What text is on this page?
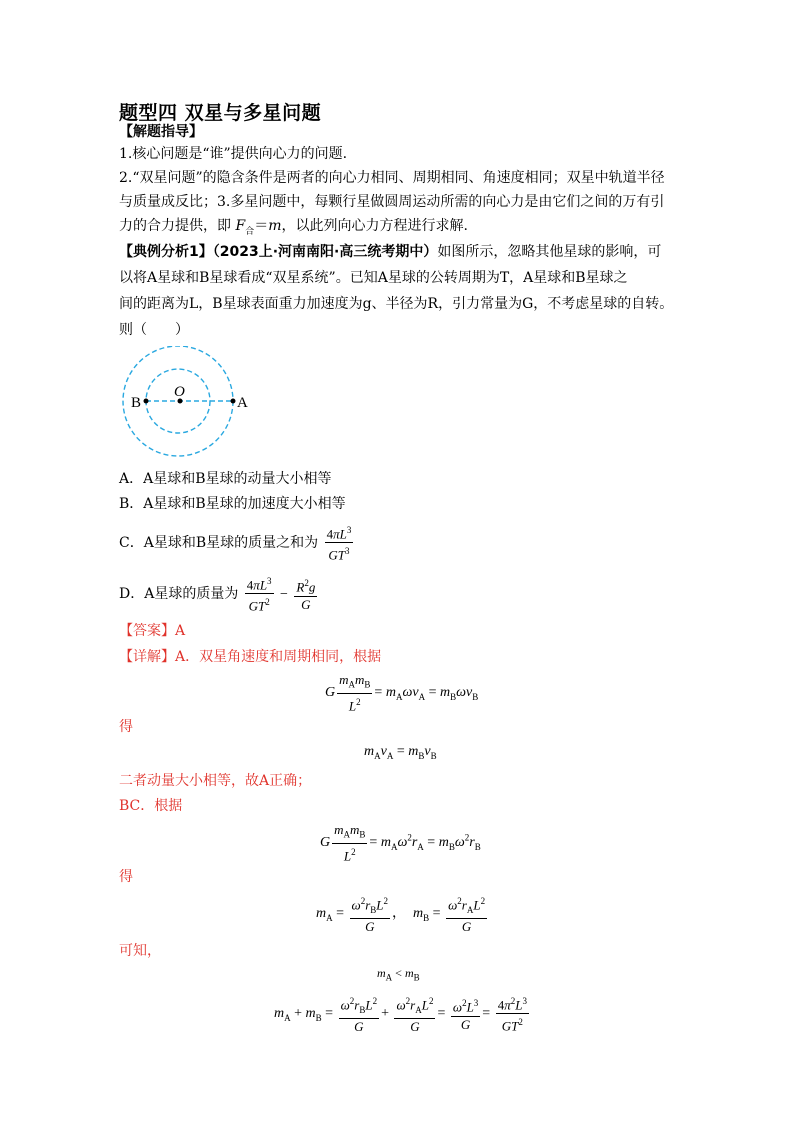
题型四 双星与多星问题
【解题指导】
1.核心问题是“谁”提供向心力的问题.
2.“双星问题”的隐含条件是两者的向心力相同、周期相同、角速度相同；双星中轨道半径
与质量成反比；3.多星问题中，每颗行星做圆周运动所需的向心力是由它们之间的万有引
力的合力提供，即 $F_合=m$，以此列向心力方程进行求解.
【典例分析1】（2023上·河南南阳·高三统考期中）如图所示，忽略其他星球的影响，可
以将A星球和B星球看成“双星系统”。已知A星球的公转周期为T，A星球和B星球之
间的距离为L，B星球表面重力加速度为g、半径为R，引力常量为G，不考虑星球的自转。
则（　　）
B
O
A
A．A星球和B星球的动量大小相等
B．A星球和B星球的加速度大小相等
C．A星球和B星球的质量之和为 $\frac{4\pi L^3}{GT^3}$
D．A星球的质量为 $\frac{4\pi L^3}{GT^2} - \frac{R^2g}{G}$
【答案】A
【详解】A．双星角速度和周期相同，根据
G $\frac{m_Am_B}{L^2} = m_A\omega v_A = m_B\omega v_B$
得
$m_Av_A = m_Bv_B$
二者动量大小相等，故A正确；
BC．根据
G $\frac{m_Am_B}{L^2} = m_A\omega^2r_A = m_B\omega^2r_B$
得
$m_A = \frac{\omega^2r_BL^2}{G}$ ，  $m_B = \frac{\omega^2r_AL^2}{G}$
可知，
$m_A < m_B$
$m_A + m_B = \frac{\omega^2r_BL^2}{G} + \frac{\omega^2r_AL^2}{G} = \frac{\omega^2L^3}{G} = \frac{4\pi^2L^3}{GT^2}$
